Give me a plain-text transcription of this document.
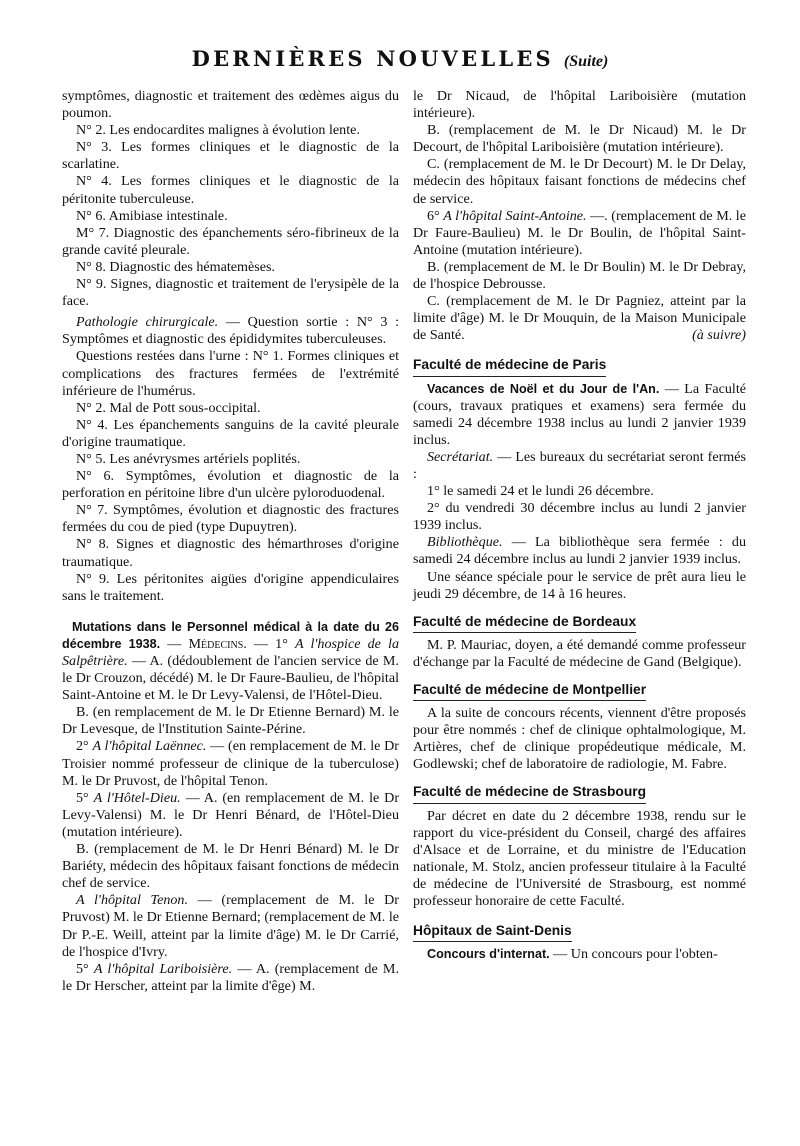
DERNIÈRES NOUVELLES (Suite)

symptômes, diagnostic et traitement des œdèmes aigus du poumon.

N° 2. Les endocardites malignes à évolution lente.

N° 3. Les formes cliniques et le diagnostic de la scarlatine.

N° 4. Les formes cliniques et le diagnostic de la péritonite tuberculeuse.

N° 6. Amibiase intestinale.

M° 7. Diagnostic des épanchements séro-fibrineux de la grande cavité pleurale.

N° 8. Diagnostic des hématemèses.

N° 9. Signes, diagnostic et traitement de l'erysipèle de la face.

Pathologie chirurgicale. — Question sortie : N° 3 : Symptômes et diagnostic des épididymites tuberculeuses.

Questions restées dans l'urne : N° 1. Formes cliniques et complications des fractures fermées de l'extrémité inférieure de l'humérus.

N° 2. Mal de Pott sous-occipital.

N° 4. Les épanchements sanguins de la cavité pleurale d'origine traumatique.

N° 5. Les anévrysmes artériels poplités.

N° 6. Symptômes, évolution et diagnostic de la perforation en péritoine libre d'un ulcère pyloroduodenal.

N° 7. Symptômes, évolution et diagnostic des fractures fermées du cou de pied (type Dupuytren).

N° 8. Signes et diagnostic des hémarthroses d'origine traumatique.

N° 9. Les péritonites aigües d'origine appendiculaires sans le traitement.

Mutations dans le Personnel médical à la date du 26 décembre 1938. — Médecins. — 1° A l'hospice de la Salpêtrière. — A. (dédoublement de l'ancien service de M. le Dr Crouzon, décédé) M. le Dr Faure-Baulieu, de l'hôpital Saint-Antoine et M. le Dr Levy-Valensi, de l'Hôtel-Dieu.

B. (en remplacement de M. le Dr Etienne Bernard) M. le Dr Levesque, de l'Institution Sainte-Périne.

2° A l'hôpital Laënnec. — (en remplacement de M. le Dr Troisier nommé professeur de clinique de la tuberculose) M. le Dr Pruvost, de l'hôpital Tenon.

5° A l'Hôtel-Dieu. — A. (en remplacement de M. le Dr Levy-Valensi) M. le Dr Henri Bénard, de l'Hôtel-Dieu (mutation intérieure).

B. (remplacement de M. le Dr Henri Bénard) M. le Dr Bariéty, médecin des hôpitaux faisant fonctions de médecin chef de service.

A l'hôpital Tenon. — (remplacement de M. le Dr Pruvost) M. le Dr Etienne Bernard; (remplacement de M. le Dr P.-E. Weill, atteint par la limite d'âge) M. le Dr Carrié, de l'hospice d'Ivry.

5° A l'hôpital Lariboisière. — A. (remplacement de M. le Dr Herscher, atteint par la limite d'êge) M.

le Dr Nicaud, de l'hôpital Lariboisière (mutation intérieure).

B. (remplacement de M. le Dr Nicaud) M. le Dr Decourt, de l'hôpital Lariboisière (mutation intérieure).

C. (remplacement de M. le Dr Decourt) M. le Dr Delay, médecin des hôpitaux faisant fonctions de médecins chef de service.

6° A l'hôpital Saint-Antoine. —. (remplacement de M. le Dr Faure-Baulieu) M. le Dr Boulin, de l'hôpital Saint-Antoine (mutation intérieure).

B. (remplacement de M. le Dr Boulin) M. le Dr Debray, de l'hospice Debrousse.

C. (remplacement de M. le Dr Pagniez, atteint par la limite d'âge) M. le Dr Mouquin, de la Maison Municipale de Santé.	(à suivre)

Faculté de médecine de Paris

Vacances de Noël et du Jour de l'An. — La Faculté (cours, travaux pratiques et examens) sera fermée du samedi 24 décembre 1938 inclus au lundi 2 janvier 1939 inclus.

Secrétariat. — Les bureaux du secrétariat seront fermés :

1° le samedi 24 et le lundi 26 décembre.

2° du vendredi 30 décembre inclus au lundi 2 janvier 1939 inclus.

Bibliothèque. — La bibliothèque sera fermée : du samedi 24 décembre inclus au lundi 2 janvier 1939 inclus.

Une séance spéciale pour le service de prêt aura lieu le jeudi 29 décembre, de 14 à 16 heures.

Faculté de médecine de Bordeaux

M. P. Mauriac, doyen, a été demandé comme professeur d'échange par la Faculté de médecine de Gand (Belgique).

Faculté de médecine de Montpellier

A la suite de concours récents, viennent d'être proposés pour être nommés : chef de clinique ophtalmologique, M. Artières, chef de clinique propédeutique médicale, M. Godlewski; chef de laboratoire de radiologie, M. Fabre.

Faculté de médecine de Strasbourg

Par décret en date du 2 décembre 1938, rendu sur le rapport du vice-président du Conseil, chargé des affaires d'Alsace et de Lorraine, et du ministre de l'Education nationale, M. Stolz, ancien professeur titulaire à la Faculté de médecine de l'Université de Strasbourg, est nommé professeur honoraire de cette Faculté.

Hôpitaux de Saint-Denis

Concours d'internat. — Un concours pour l'obten-
